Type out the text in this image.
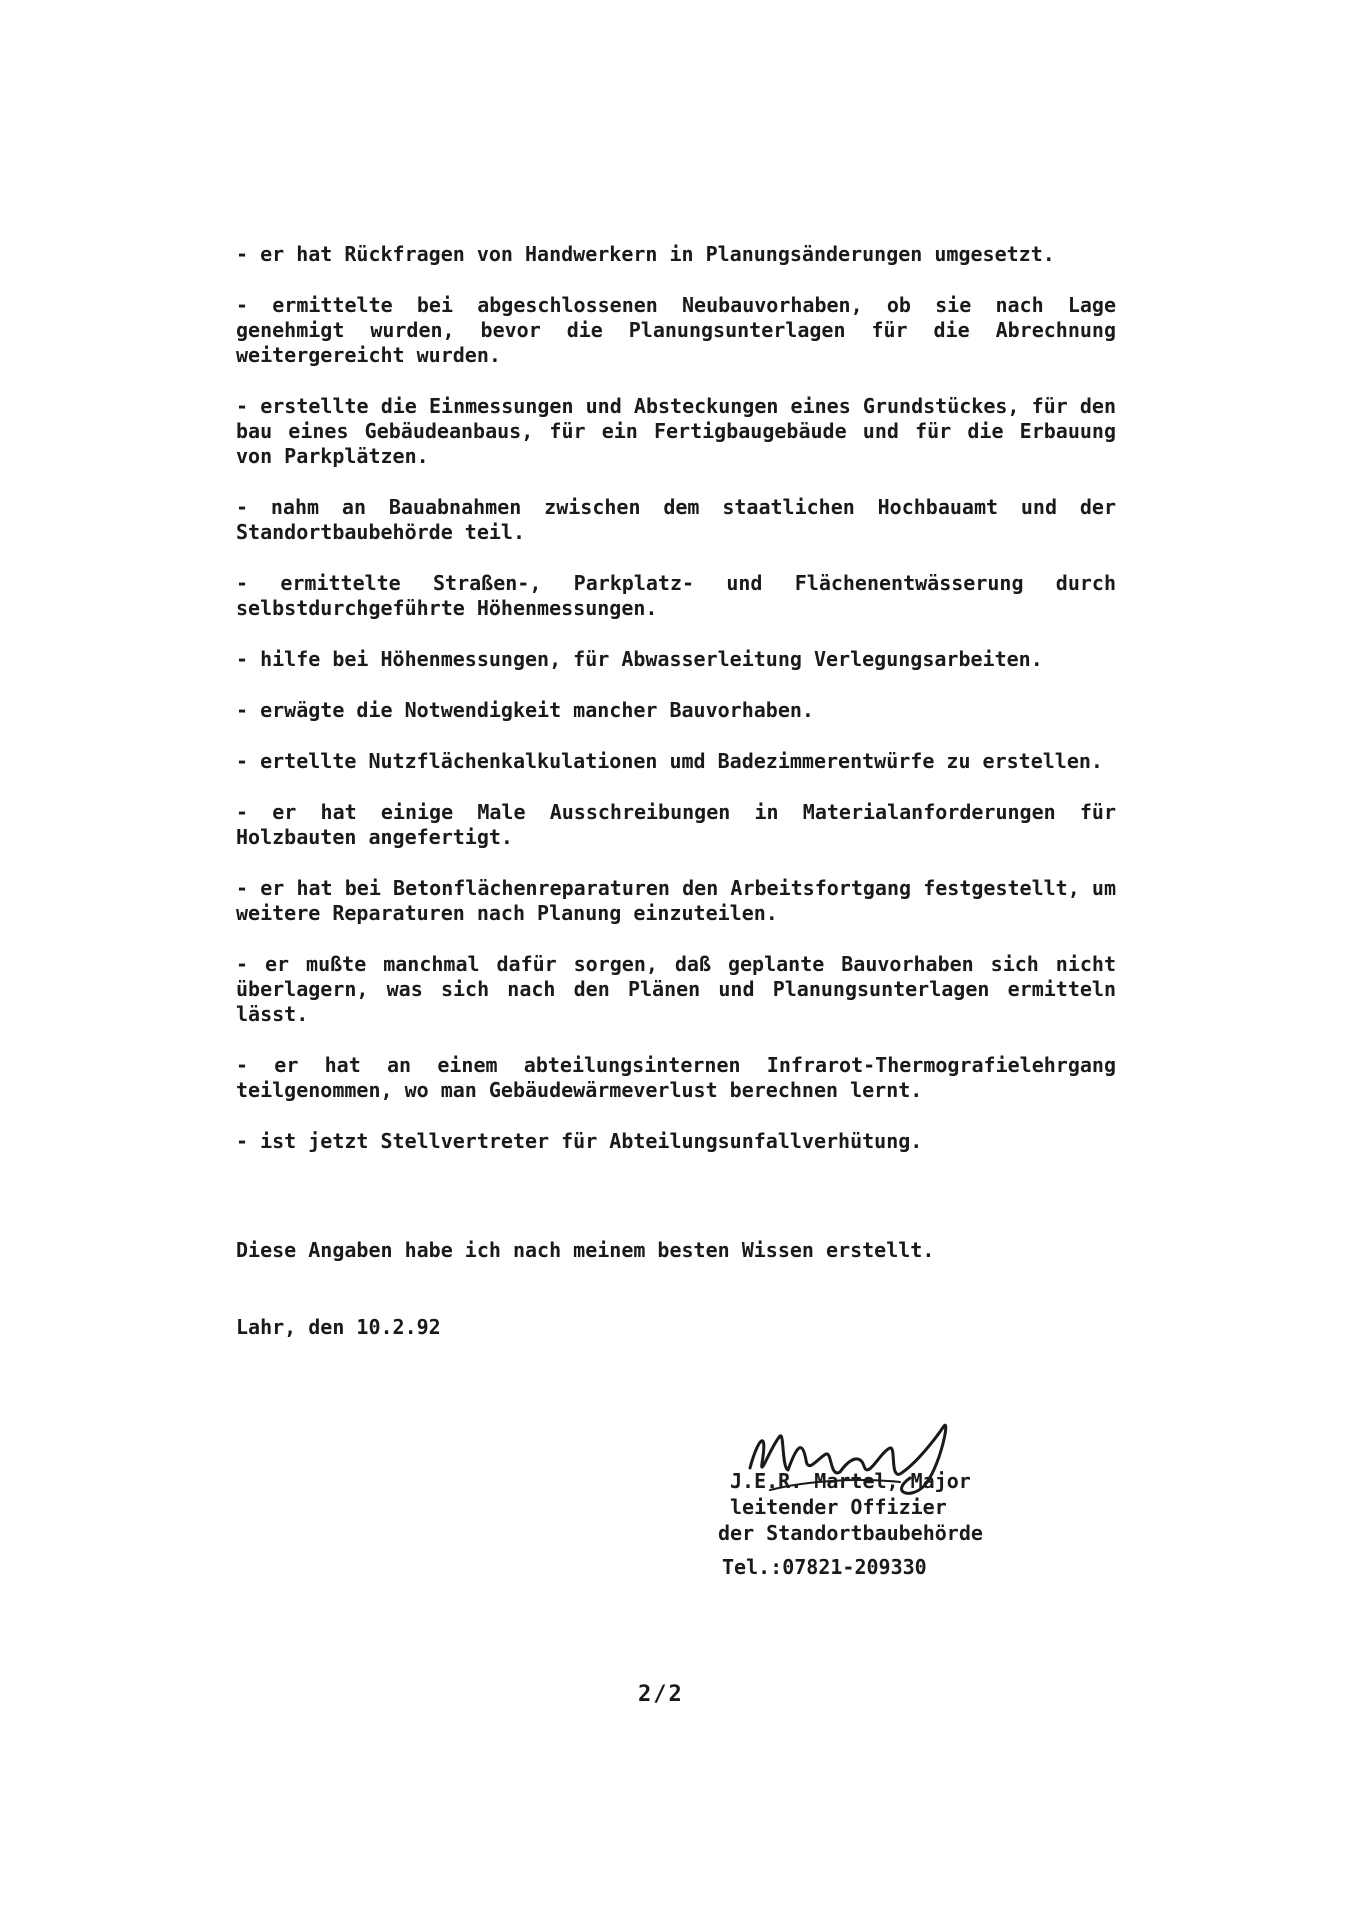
- er hat Rückfragen von Handwerkern in Planungsänderungen umgesetzt.

- ermittelte bei abgeschlossenen Neubauvorhaben, ob sie nach Lage genehmigt wurden, bevor die Planungsunterlagen für die Abrechnung weitergereicht wurden.

- erstellte die Einmessungen und Absteckungen eines Grundstückes, für den bau eines Gebäudeanbaus, für ein Fertigbaugebäude und für die Erbauung von Parkplätzen.

- nahm an Bauabnahmen zwischen dem staatlichen Hochbauamt und der Standortbaubehörde teil.

- ermittelte Straßen-, Parkplatz- und Flächenentwässerung durch selbstdurchgeführte Höhenmessungen.

- hilfe bei Höhenmessungen, für Abwasserleitung Verlegungsarbeiten.

- erwägte die Notwendigkeit mancher Bauvorhaben.

- ertellte Nutzflächenkalkulationen umd Badezimmerentwürfe zu erstellen.

- er hat einige Male Ausschreibungen in Materialanforderungen für Holzbauten angefertigt.

- er hat bei Betonflächenreparaturen den Arbeitsfortgang festgestellt, um weitere Reparaturen nach Planung einzuteilen.

- er mußte manchmal dafür sorgen, daß geplante Bauvorhaben sich nicht überlagern, was sich nach den Plänen und Planungsunterlagen ermitteln lässt.

- er hat an einem abteilungsinternen Infrarot-Thermografielehrgang teilgenommen, wo man Gebäudewärmeverlust berechnen lernt.

- ist jetzt Stellvertreter für Abteilungsunfallverhütung.

Diese Angaben habe ich nach meinem besten Wissen erstellt.
Lahr, den 10.2.92
J.E.R. Martel, Major
leitender Offizier
der Standortbaubehörde
Tel.:07821-209330
2/2
